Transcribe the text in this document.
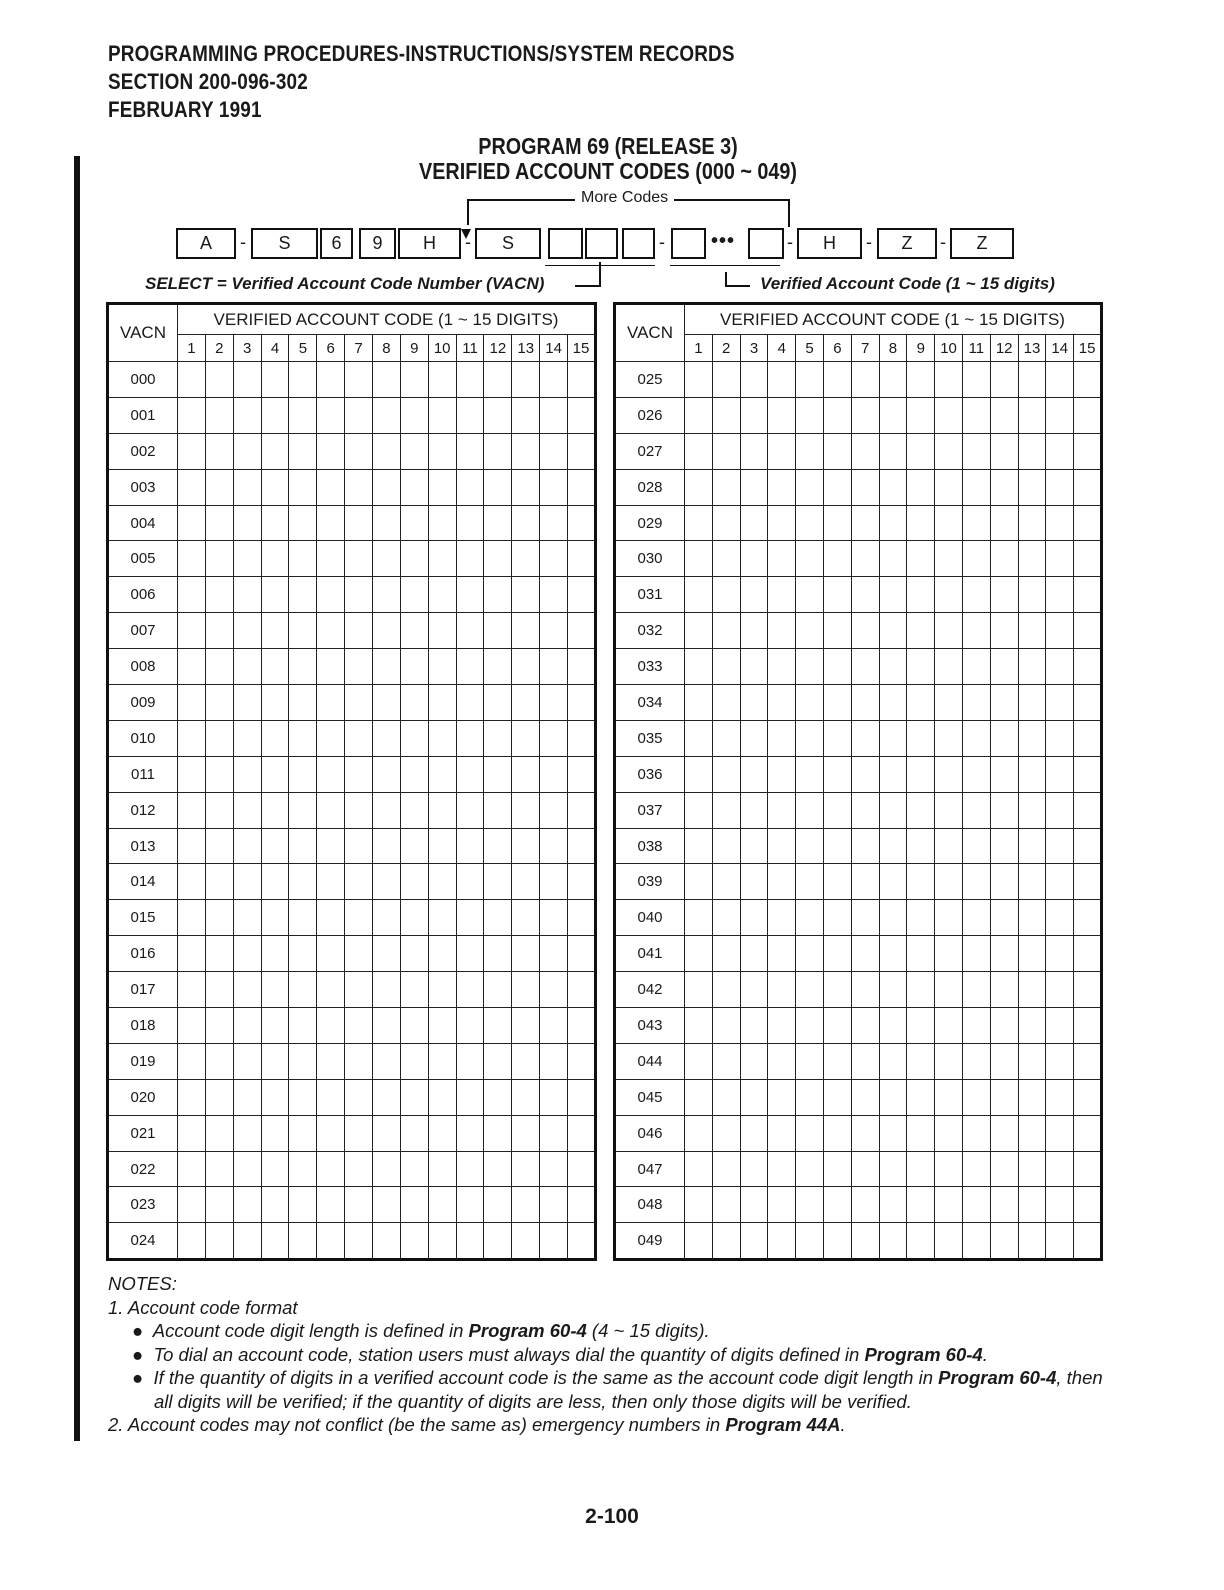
PROGRAMMING PROCEDURES-INSTRUCTIONS/SYSTEM RECORDS
SECTION 200-096-302
FEBRUARY 1991
PROGRAM 69 (RELEASE 3)
VERIFIED ACCOUNT CODES (000 ~ 049)
More Codes
A	-	S	6	9	H	-	S	- •••	-	H	-	Z	-	Z
SELECT = Verified Account Code Number (VACN)	Verified Account Code (1 ~ 15 digits)
VACN	VERIFIED ACCOUNT CODE (1 ~ 15 DIGITS)														
	1	2	3	4	5	6	7	8	9	10	11	12	13	14	15
000															
001															
002															
003															
004															
005															
006															
007															
008															
009															
010															
011															
012															
013															
014															
015															
016															
017															
018															
019															
020															
021															
022															
023															
024															
VACN	VERIFIED ACCOUNT CODE (1 ~ 15 DIGITS)														
	1	2	3	4	5	6	7	8	9	10	11	12	13	14	15
025															
026															
027															
028															
029															
030															
031															
032															
033															
034															
035															
036															
037															
038															
039															
040															
041															
042															
043															
044															
045															
046															
047															
048															
049															
NOTES:
1. Account code format
● Account code digit length is defined in Program 60-4 (4 ~ 15 digits).
● To dial an account code, station users must always dial the quantity of digits defined in Program 60-4.
● If the quantity of digits in a verified account code is the same as the account code digit length in Program 60-4, then all digits will be verified; if the quantity of digits are less, then only those digits will be verified.
2. Account codes may not conflict (be the same as) emergency numbers in Program 44A.
2-100
